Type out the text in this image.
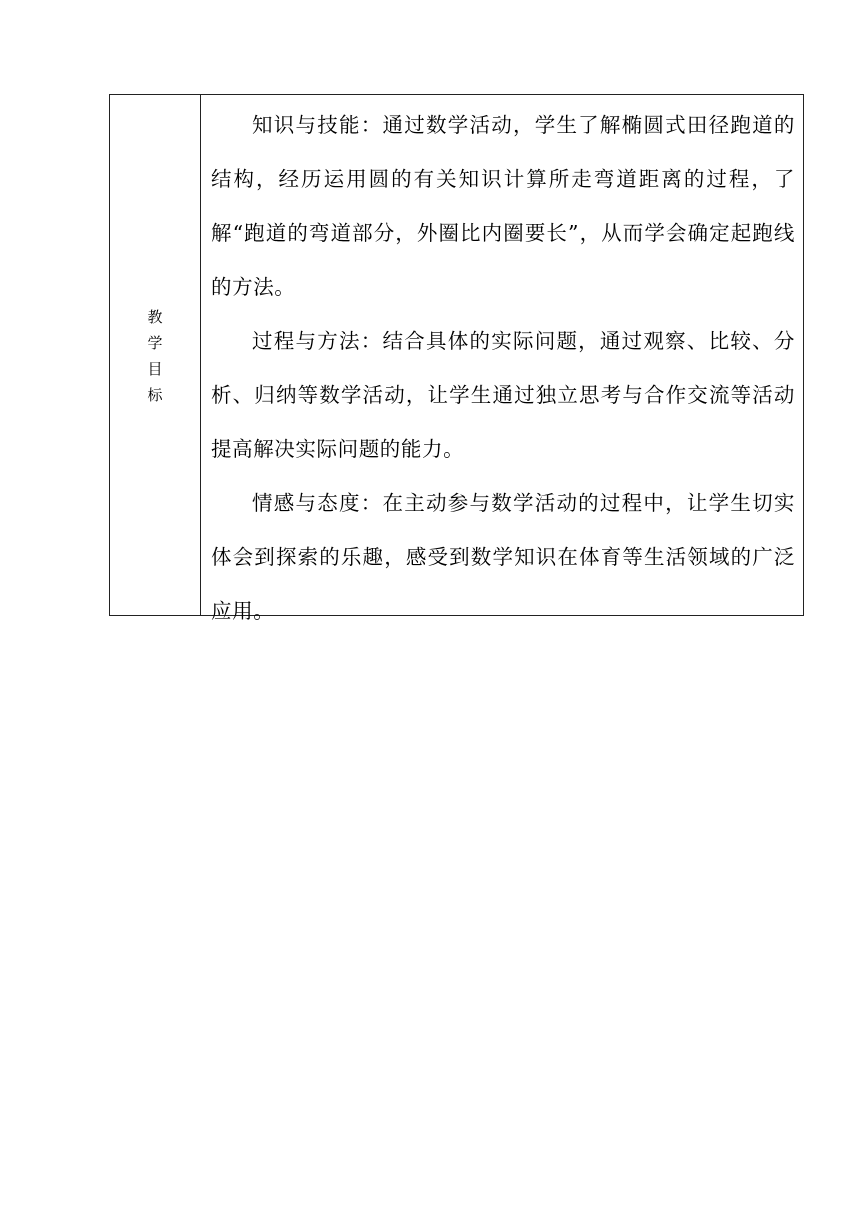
教学目标

知识与技能：通过数学活动，学生了解椭圆式田径跑道的结构，经历运用圆的有关知识计算所走弯道距离的过程，了解“跑道的弯道部分，外圈比内圈要长”，从而学会确定起跑线的方法。

过程与方法：结合具体的实际问题，通过观察、比较、分析、归纳等数学活动，让学生通过独立思考与合作交流等活动提高解决实际问题的能力。

情感与态度：在主动参与数学活动的过程中，让学生切实体会到探索的乐趣，感受到数学知识在体育等生活领域的广泛应用。
